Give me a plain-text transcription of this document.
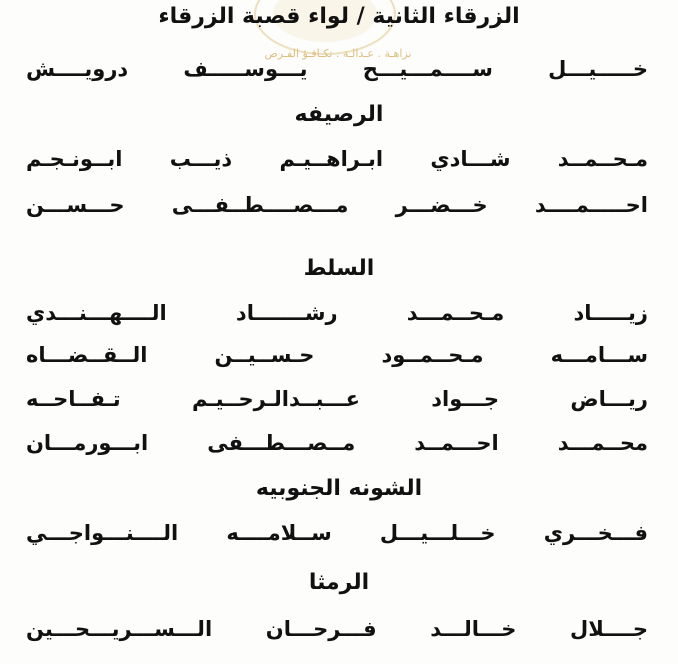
نزاهـة . عـدالـة . تكـافـؤ الفـرص
الزرقاء الثانية / لواء قصبة الزرقاء
خـــــيـــل ســــمـــيـــح يـــوســـــف درويــــش
الرصيفه
مـحــمــد شـــادي ابـراهــيـم ذيـــب ابــونـجـم
احـــــمــــد خـــضـــر مـــصــــطــفـــى حـــســـن
السلط
زيـــــاد مـحــمـــد رشـــــــاد الــــهـــنـــدي
ســـامـــه مـحــمــود حـســيــن الــقــضـــاه
ريـــاض جـــواد عـــبــدالـرحــيـم تـفــاحــه
محــمـــد احـــمــد مــصـــطـــفى ابـــورمـــان
الشونه الجنوبيه
فـــخـــري خـــلـــيـــل ســلامــــه الــــنـــواجـــي
الرمثا
جــــلال خـــالـــد فـــرحـــان الـــســـريـــحـــين
